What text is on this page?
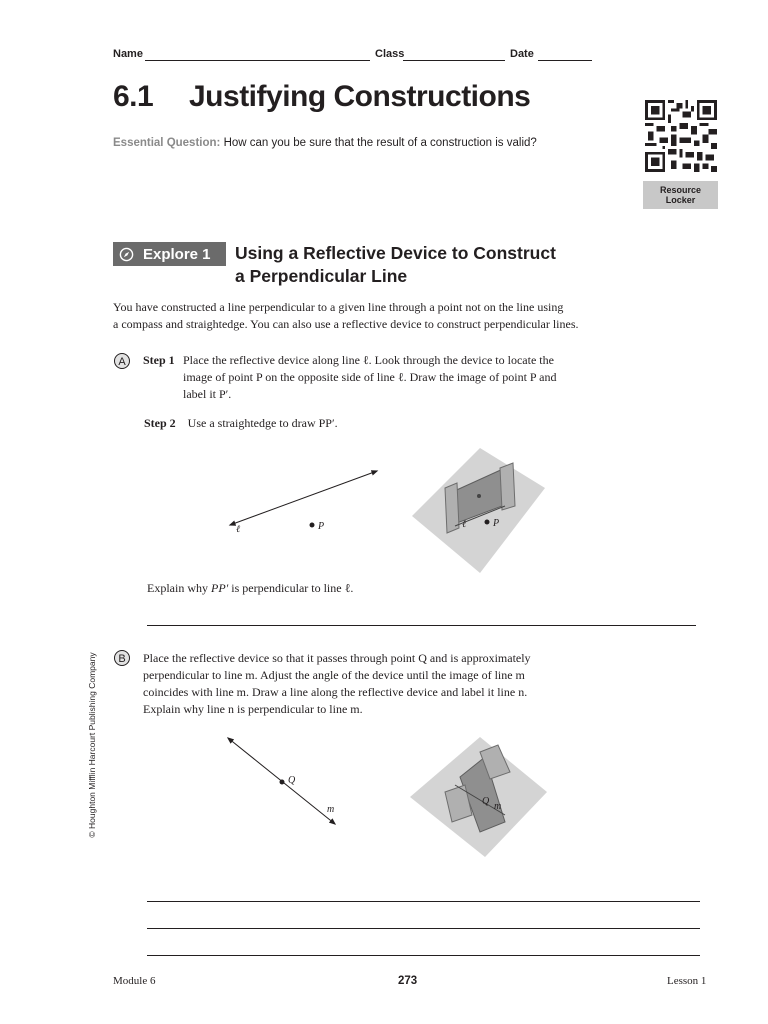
Name	Class	Date
6.1 Justifying Constructions
Essential Question: How can you be sure that the result of a construction is valid?
Resource
Locker
Explore 1 Using a Reflective Device to Construct
a Perpendicular Line
You have constructed a line perpendicular to a given line through a point not on the line using
a compass and straightedge. You can also use a reflective device to construct perpendicular lines.
A	Step 1 Place the reflective device along line ℓ. Look through the device to locate the
image of point P on the opposite side of line ℓ. Draw the image of point P and
label it P′.
Step 2 Use a straightedge to draw PP′.
ℓ	P	ℓ	P
Explain why PP′ is perpendicular to line ℓ.
B	Place the reflective device so that it passes through point Q and is approximately
perpendicular to line m. Adjust the angle of the device until the image of line m
coincides with line m. Draw a line along the reflective device and label it line n.
Explain why line n is perpendicular to line m.
Q
m
Q m
© Houghton Mifflin Harcourt Publishing Company
Module 6	273	Lesson 1
